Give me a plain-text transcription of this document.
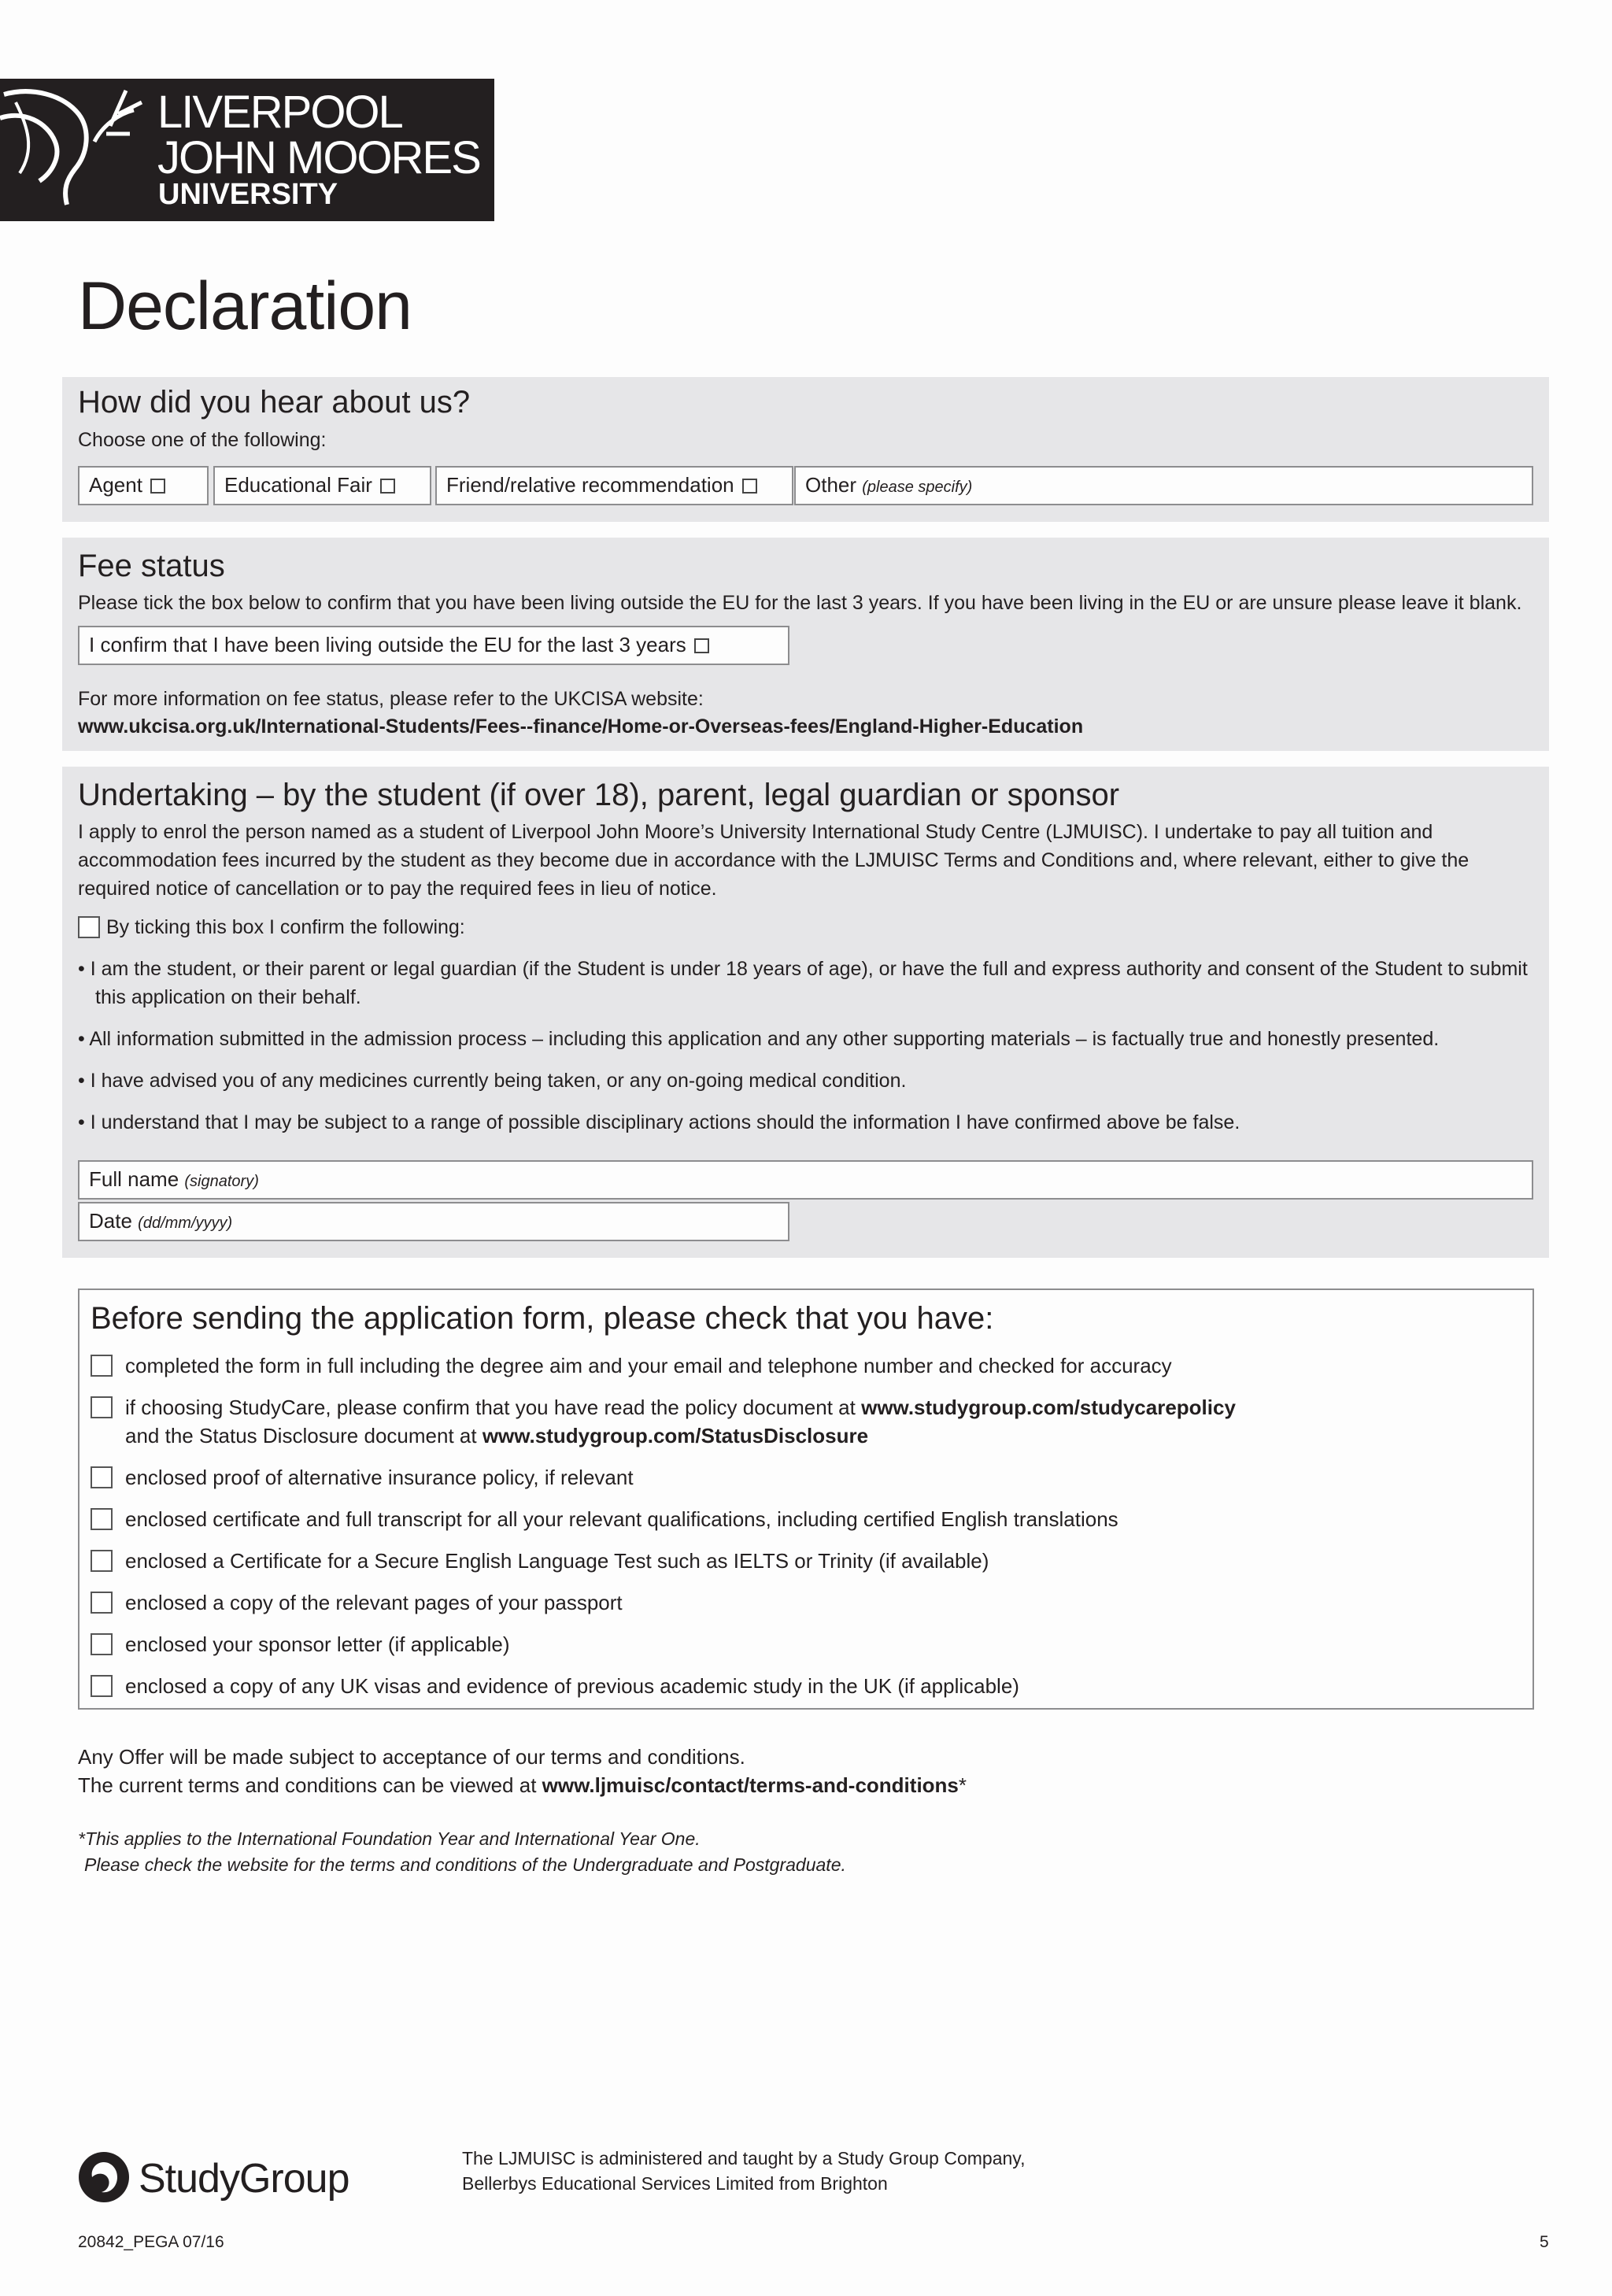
LIVERPOOL
JOHN MOORES
UNIVERSITY
Declaration
How did you hear about us?
Choose one of the following:
Agent	Educational Fair	Friend/relative recommendation	Other (please specify)
Fee status
Please tick the box below to confirm that you have been living outside the EU for the last 3 years. If you have been living in the EU or are unsure please leave it blank.
I confirm that I have been living outside the EU for the last 3 years
For more information on fee status, please refer to the UKCISA website:
www.ukcisa.org.uk/International-Students/Fees--finance/Home-or-Overseas-fees/England-Higher-Education
Undertaking – by the student (if over 18), parent, legal guardian or sponsor
I apply to enrol the person named as a student of Liverpool John Moore’s University International Study Centre (LJMUISC). I undertake to pay all tuition and
accommodation fees incurred by the student as they become due in accordance with the LJMUISC Terms and Conditions and, where relevant, either to give the
required notice of cancellation or to pay the required fees in lieu of notice.
By ticking this box I confirm the following:
• I am the student, or their parent or legal guardian (if the Student is under 18 years of age), or have the full and express authority and consent of the Student to submit this application on their behalf.
• All information submitted in the admission process – including this application and any other supporting materials – is factually true and honestly presented.
• I have advised you of any medicines currently being taken, or any on-going medical condition.
• I understand that I may be subject to a range of possible disciplinary actions should the information I have confirmed above be false.
Full name (signatory)
Date (dd/mm/yyyy)
Before sending the application form, please check that you have:
completed the form in full including the degree aim and your email and telephone number and checked for accuracy
if choosing StudyCare, please confirm that you have read the policy document at www.studygroup.com/studycarepolicy
and the Status Disclosure document at www.studygroup.com/StatusDisclosure
enclosed proof of alternative insurance policy, if relevant
enclosed certificate and full transcript for all your relevant qualifications, including certified English translations
enclosed a Certificate for a Secure English Language Test such as IELTS or Trinity (if available)
enclosed a copy of the relevant pages of your passport
enclosed your sponsor letter (if applicable)
enclosed a copy of any UK visas and evidence of previous academic study in the UK (if applicable)
Any Offer will be made subject to acceptance of our terms and conditions.
The current terms and conditions can be viewed at www.ljmuisc/contact/terms-and-conditions*
*This applies to the International Foundation Year and International Year One.
Please check the website for the terms and conditions of the Undergraduate and Postgraduate.
StudyGroup	The LJMUISC is administered and taught by a Study Group Company,
Bellerbys Educational Services Limited from Brighton
20842_PEGA 07/16	5
